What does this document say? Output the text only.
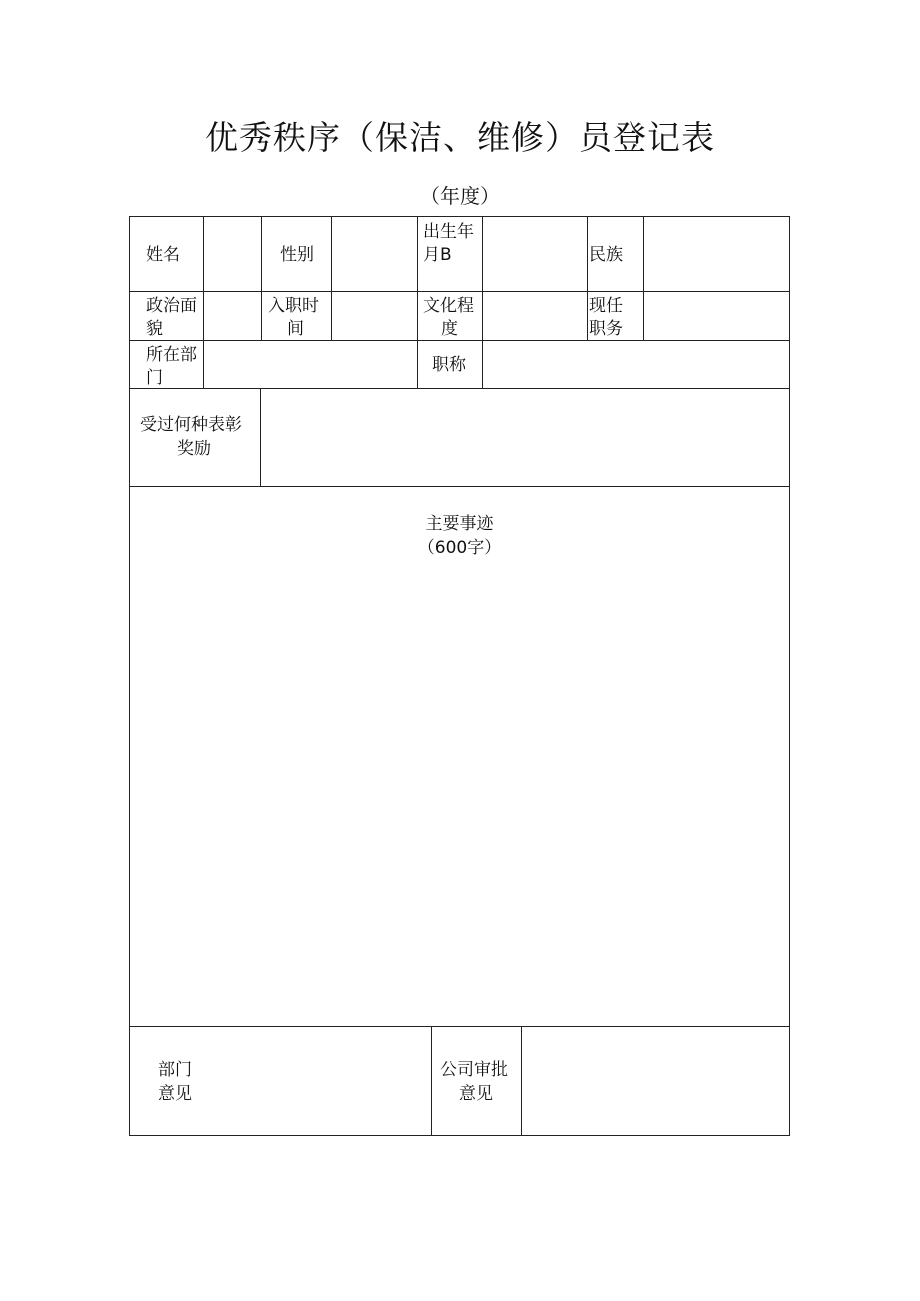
优秀秩序（保洁、维修）员登记表
（年度）
姓名	性别
出生年
月B	民族
政治面
貌
入职时
间
文化程
度
现任
职务
所在部
门
职称
受过何种表彰
奖励
主要事迹
（600字）
部门
意见
公司审批
意见
